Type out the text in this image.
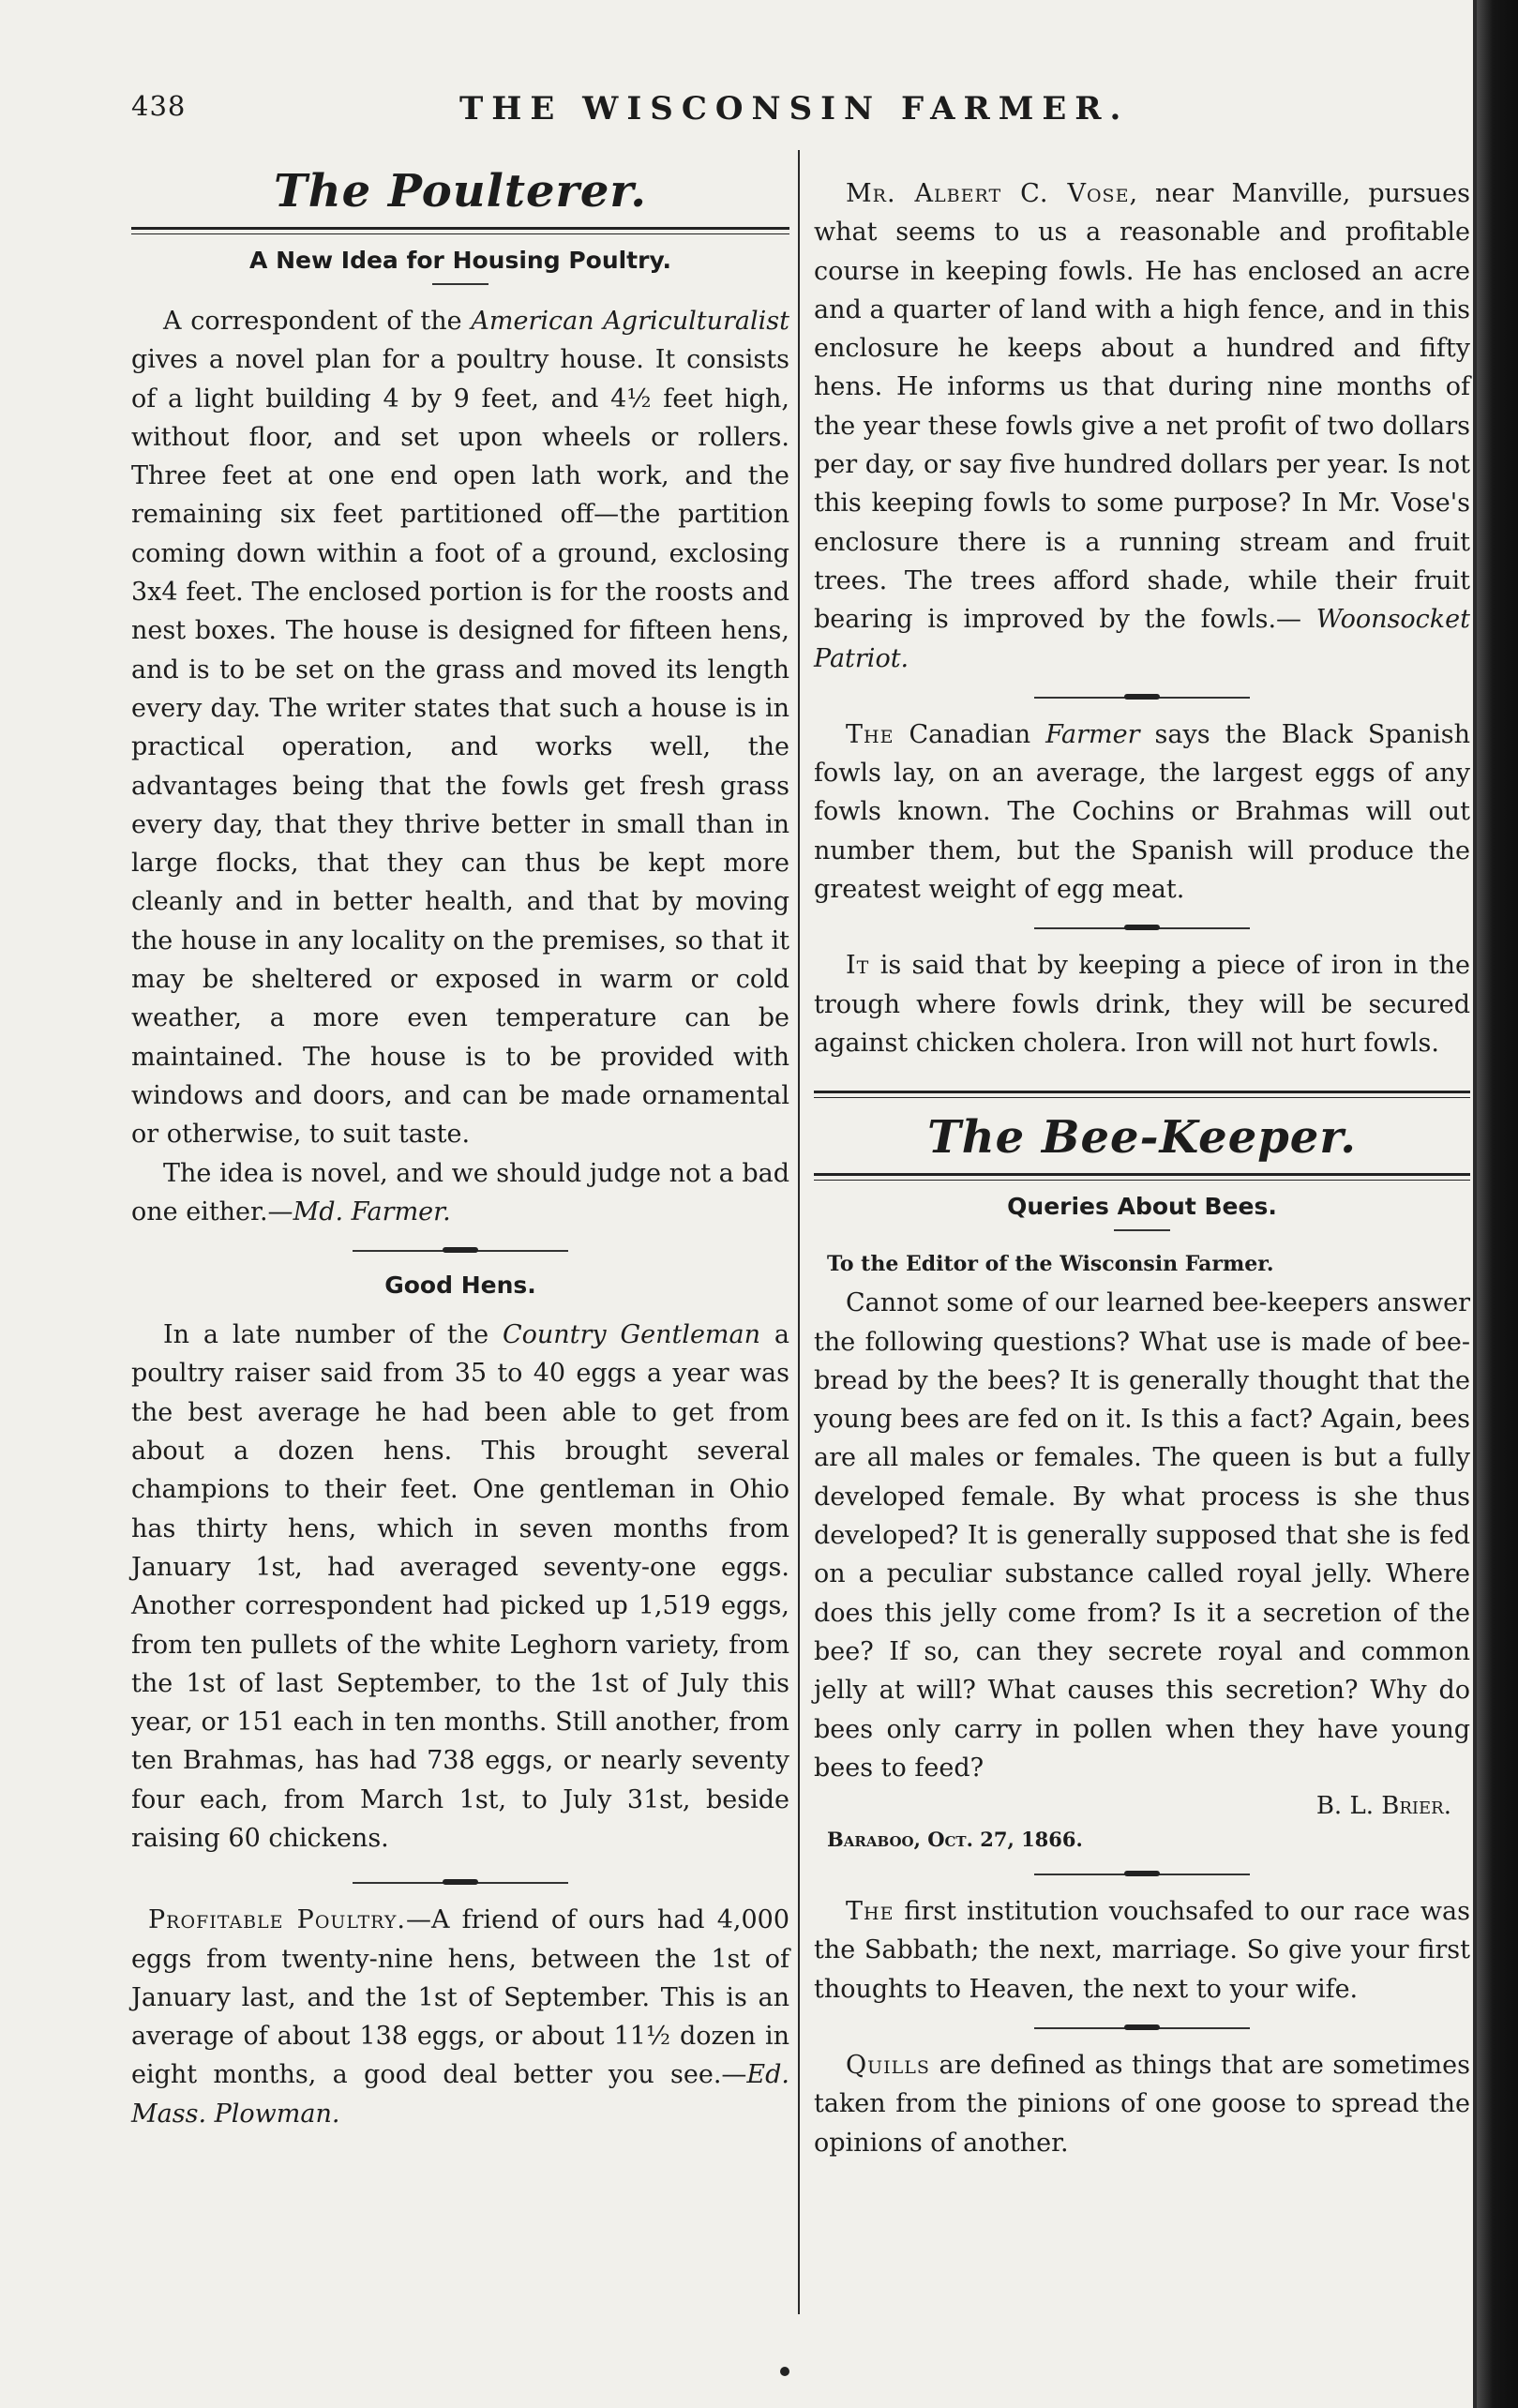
438	THE WISCONSIN FARMER.
The Poulterer.
A New Idea for Housing Poultry.

A correspondent of the American Agriculturalist gives a novel plan for a poultry house. It consists of a light building 4 by 9 feet, and 4½ feet high, without floor, and set upon wheels or rollers. Three feet at one end open lath work, and the remaining six feet partitioned off—the partition coming down within a foot of a ground, exclosing 3x4 feet. The enclosed portion is for the roosts and nest boxes. The house is designed for fifteen hens, and is to be set on the grass and moved its length every day. The writer states that such a house is in practical operation, and works well, the advantages being that the fowls get fresh grass every day, that they thrive better in small than in large flocks, that they can thus be kept more cleanly and in better health, and that by moving the house in any locality on the premises, so that it may be sheltered or exposed in warm or cold weather, a more even temperature can be maintained. The house is to be provided with windows and doors, and can be made ornamental or otherwise, to suit taste.

The idea is novel, and we should judge not a bad one either.—Md. Farmer.

Good Hens.

In a late number of the Country Gentleman a poultry raiser said from 35 to 40 eggs a year was the best average he had been able to get from about a dozen hens. This brought several champions to their feet. One gentleman in Ohio has thirty hens, which in seven months from January 1st, had averaged seventy-one eggs. Another correspondent had picked up 1,519 eggs, from ten pullets of the white Leghorn variety, from the 1st of last September, to the 1st of July this year, or 151 each in ten months. Still another, from ten Brahmas, has had 738 eggs, or nearly seventy four each, from March 1st, to July 31st, beside raising 60 chickens.

Profitable Poultry.—A friend of ours had 4,000 eggs from twenty-nine hens, between the 1st of January last, and the 1st of September. This is an average of about 138 eggs, or about 11½ dozen in eight months, a good deal better you see.—Ed. Mass. Plowman.

Mr. Albert C. Vose, near Manville, pursues what seems to us a reasonable and profitable course in keeping fowls. He has enclosed an acre and a quarter of land with a high fence, and in this enclosure he keeps about a hundred and fifty hens. He informs us that during nine months of the year these fowls give a net profit of two dollars per day, or say five hundred dollars per year. Is not this keeping fowls to some purpose? In Mr. Vose's enclosure there is a running stream and fruit trees. The trees afford shade, while their fruit bearing is improved by the fowls.— Woonsocket Patriot.

The Canadian Farmer says the Black Spanish fowls lay, on an average, the largest eggs of any fowls known. The Cochins or Brahmas will out number them, but the Spanish will produce the greatest weight of egg meat.

It is said that by keeping a piece of iron in the trough where fowls drink, they will be secured against chicken cholera. Iron will not hurt fowls.

The Bee-Keeper.
Queries About Bees.
To the Editor of the Wisconsin Farmer.

Cannot some of our learned bee-keepers answer the following questions? What use is made of bee-bread by the bees? It is generally thought that the young bees are fed on it. Is this a fact? Again, bees are all males or females. The queen is but a fully developed female. By what process is she thus developed? It is generally supposed that she is fed on a peculiar substance called royal jelly. Where does this jelly come from? Is it a secretion of the bee? If so, can they secrete royal and common jelly at will? What causes this secretion? Why do bees only carry in pollen when they have young bees to feed?

B. L. Brier.
Baraboo, Oct. 27, 1866.

The first institution vouchsafed to our race was the Sabbath; the next, marriage. So give your first thoughts to Heaven, the next to your wife.

Quills are defined as things that are sometimes taken from the pinions of one goose to spread the opinions of another.
